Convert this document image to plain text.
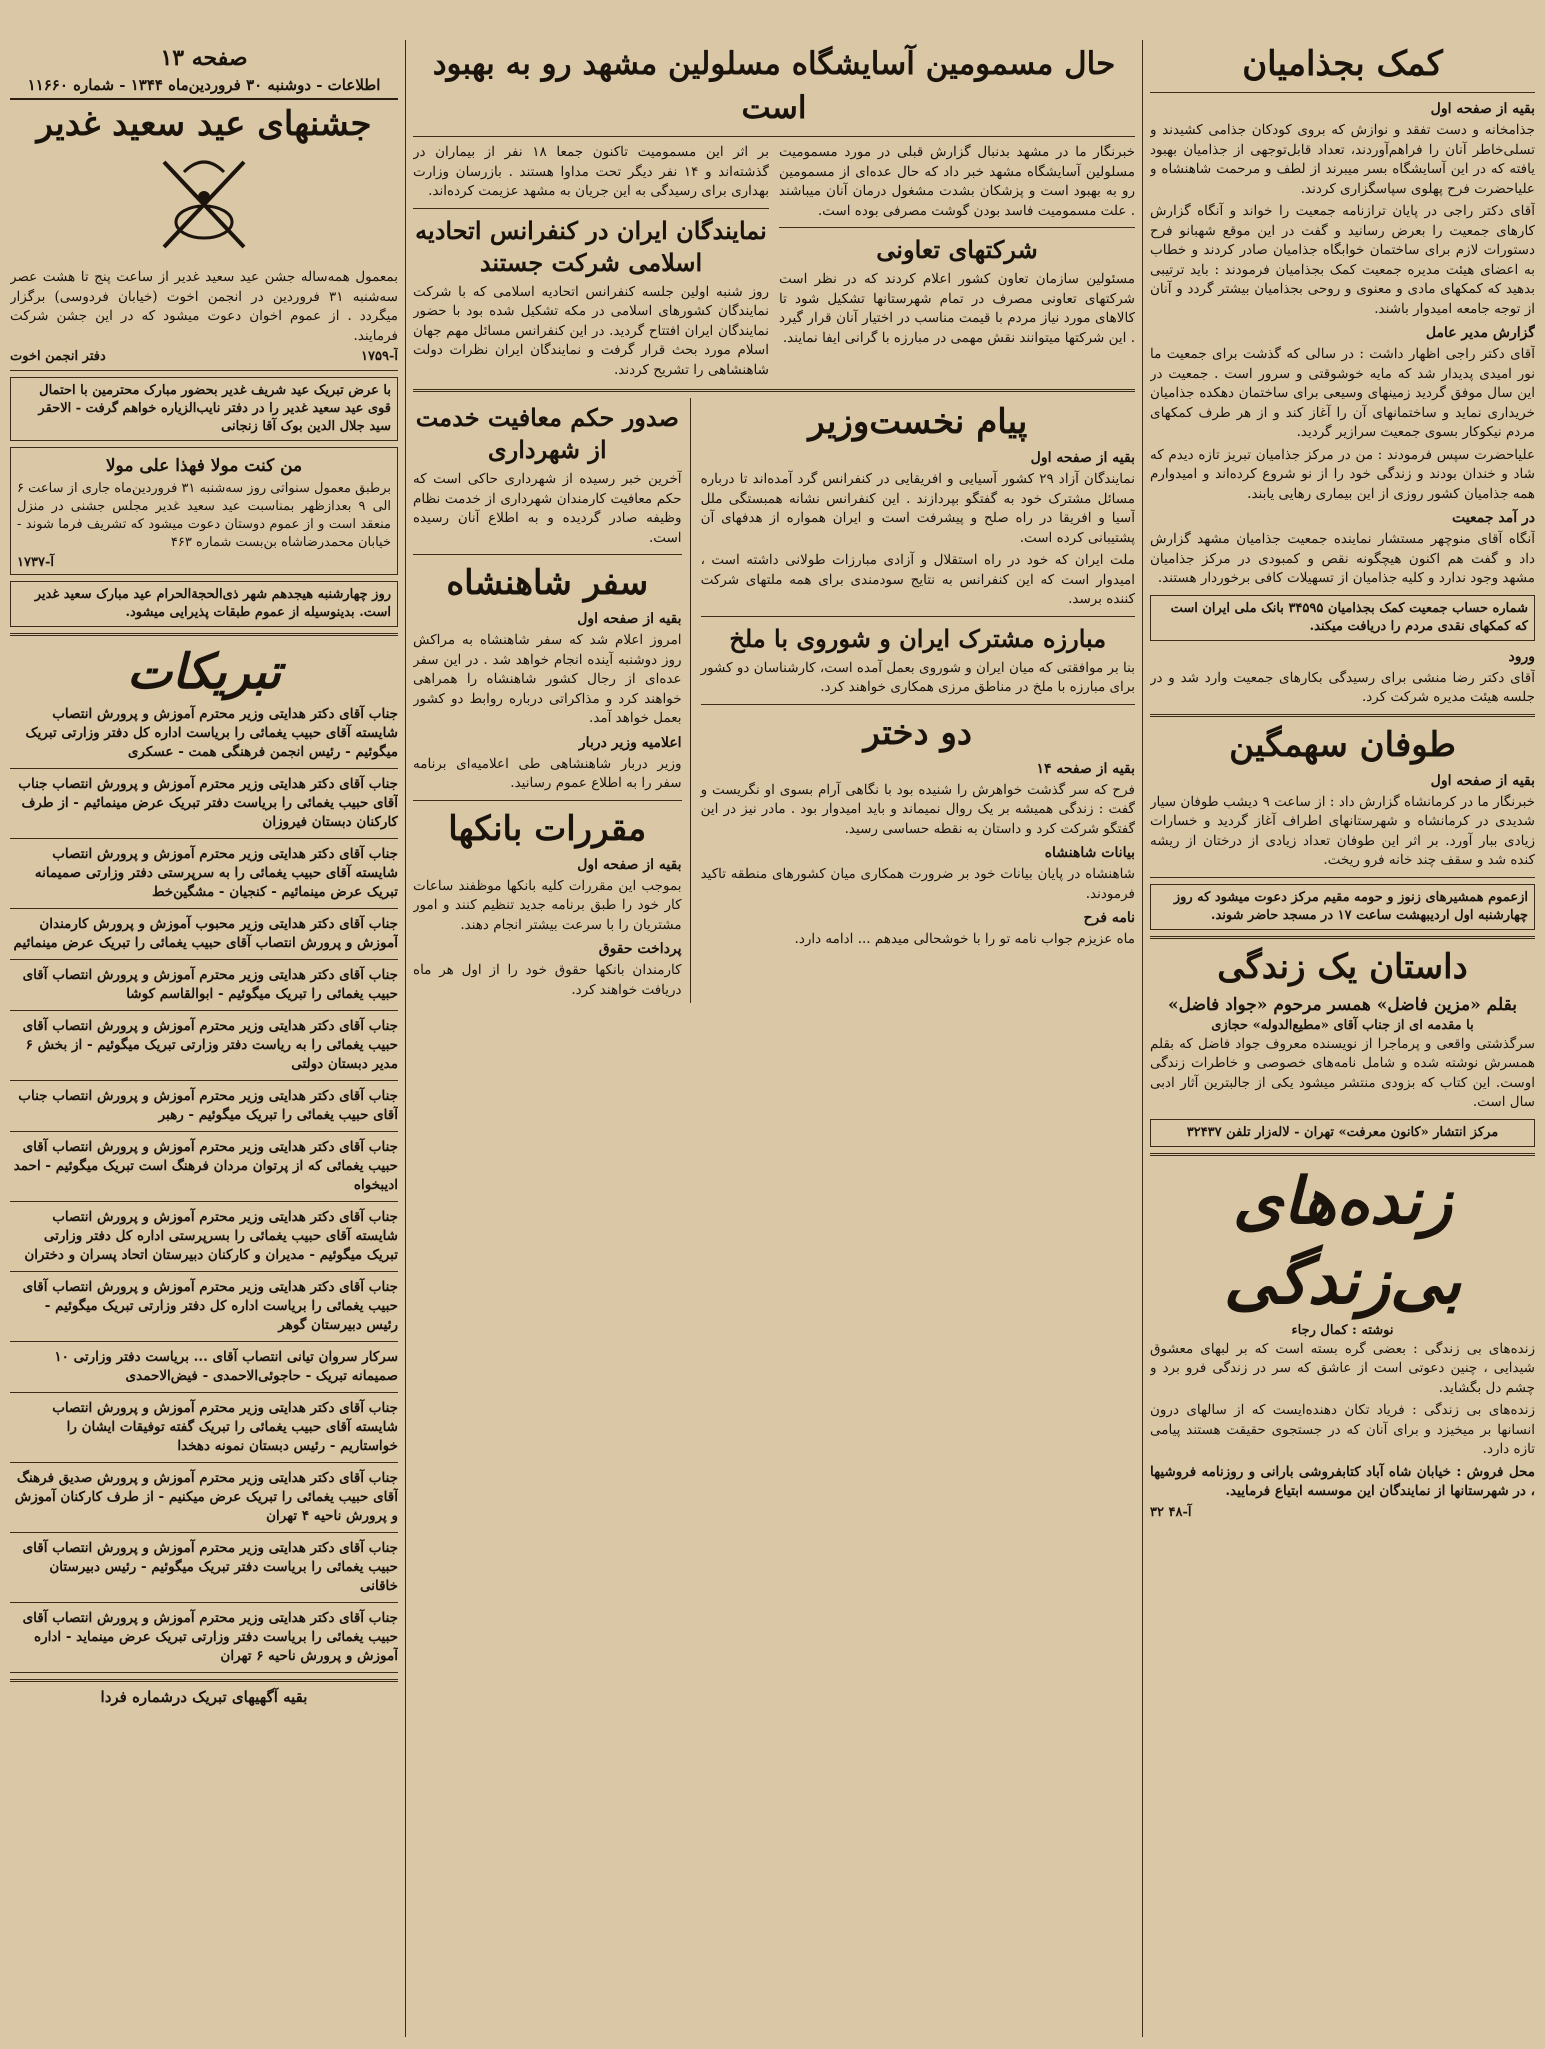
کمک بجذامیان
بقیه از صفحه اول

جذامخانه و دست تفقد و نوازش که بروی کودکان جذامی کشیدند و تسلی‌خاطر آنان را فراهم‌آوردند، تعداد قابل‌توجهی از جذامیان بهبود یافته که در این آسایشگاه بسر میبرند از لطف و مرحمت شاهنشاه و علیاحضرت فرح پهلوی سپاسگزاری کردند.

آقای دکتر راجی در پایان ترازنامه جمعیت را خواند و آنگاه گزارش کارهای جمعیت را بعرض رسانید و گفت در این موقع شهبانو فرح دستورات لازم برای ساختمان خوابگاه جذامیان صادر کردند و خطاب به اعضای هیئت مدیره جمعیت کمک بجذامیان فرمودند : باید ترتیبی بدهید که کمکهای مادی و معنوی و روحی بجذامیان بیشتر گردد و آنان از توجه جامعه امیدوار باشند.

گزارش مدیر عامل

آقای دکتر راجی اظهار داشت : در سالی که گذشت برای جمعیت ما نور امیدی پدیدار شد که مایه خوشوقتی و سرور است . جمعیت در این سال موفق گردید زمینهای وسیعی برای ساختمان دهکده جذامیان خریداری نماید و ساختمانهای آن را آغاز کند و از هر طرف کمکهای مردم نیکوکار بسوی جمعیت سرازیر گردید.

علیاحضرت سپس فرمودند : من در مرکز جذامیان تبریز تازه دیدم که شاد و خندان بودند و زندگی خود را از نو شروع کرده‌اند و امیدوارم همه جذامیان کشور روزی از این بیماری رهایی یابند.

در آمد جمعیت

آنگاه آقای منوچهر مستشار نماینده جمعیت جذامیان مشهد گزارش داد و گفت هم اکنون هیچگونه نقص و کمبودی در مرکز جذامیان مشهد وجود ندارد و کلیه جذامیان از تسهیلات کافی برخوردار هستند.

شماره حساب جمعیت کمک بجذامیان ۳۴۵۹۵ بانک ملی ایران است که کمکهای نقدی مردم را دریافت میکند.
ورود

آقای دکتر رضا منشی برای رسیدگی بکارهای جمعیت وارد شد و در جلسه هیئت مدیره شرکت کرد.

طوفان سهمگین
بقیه از صفحه اول

خبرنگار ما در کرمانشاه گزارش داد : از ساعت ۹ دیشب طوفان سیار شدیدی در کرمانشاه و شهرستانهای اطراف آغاز گردید و خسارات زیادی ببار آورد. بر اثر این طوفان تعداد زیادی از درختان از ریشه کنده شد و سقف چند خانه فرو ریخت.

ازعموم همشیرهای زنوز و حومه مقیم مرکز دعوت میشود که روز چهارشنبه اول اردیبهشت ساعت ۱۷ در مسجد حاضر شوند.
داستان یک زندگی
بقلم «مزین فاضل» همسر مرحوم «جواد فاضل»
با مقدمه ای از جناب آقای «مطیع‌الدوله» حجازی

سرگذشتی واقعی و پرماجرا از نویسنده معروف جواد فاضل که بقلم همسرش نوشته شده و شامل نامه‌های خصوصی و خاطرات زندگی اوست. این کتاب که بزودی منتشر میشود یکی از جالبترین آثار ادبی سال است.

مرکز انتشار «کانون معرفت» تهران - لاله‌زار تلفن ۳۲۴۳۷
زنده‌های بی‌زندگی
نوشته : کمال رجاء

زنده‌های بی زندگی : بعضی گره بسته است که بر لبهای معشوق شیدایی ، چنین دعوتی است از عاشق که سر در زندگی فرو برد و چشم دل بگشاید.

زنده‌های بی زندگی : فریاد تکان دهنده‌ایست که از سالهای درون انسانها بر میخیزد و برای آنان که در جستجوی حقیقت هستند پیامی تازه دارد.

محل فروش : خیابان شاه آباد کتابفروشی بارانی و روزنامه فروشیها ، در شهرستانها از نمایندگان این موسسه ابتیاع فرمایید.

آ-۴۸ ۳۲
حال مسمومین آسایشگاه مسلولین مشهد رو به بهبود است

خبرنگار ما در مشهد بدنبال گزارش قبلی در مورد مسمومیت مسلولین آسایشگاه مشهد خبر داد که حال عده‌ای از مسمومین رو به بهبود است و پزشکان بشدت مشغول درمان آنان میباشند . علت مسمومیت فاسد بودن گوشت مصرفی بوده است.

شرکتهای تعاونی

مسئولین سازمان تعاون کشور اعلام کردند که در نظر است شرکتهای تعاونی مصرف در تمام شهرستانها تشکیل شود تا کالاهای مورد نیاز مردم با قیمت مناسب در اختیار آنان قرار گیرد . این شرکتها میتوانند نقش مهمی در مبارزه با گرانی ایفا نمایند.

بر اثر این مسمومیت تاکنون جمعا ۱۸ نفر از بیماران در گذشته‌اند و ۱۴ نفر دیگر تحت مداوا هستند . بازرسان وزارت بهداری برای رسیدگی به این جریان به مشهد عزیمت کرده‌اند.

نمایندگان ایران در کنفرانس اتحادیه اسلامی شرکت جستند

روز شنبه اولین جلسه کنفرانس اتحادیه اسلامی که با شرکت نمایندگان کشورهای اسلامی در مکه تشکیل شده بود با حضور نمایندگان ایران افتتاح گردید. در این کنفرانس مسائل مهم جهان اسلام مورد بحث قرار گرفت و نمایندگان ایران نظرات دولت شاهنشاهی را تشریح کردند.

پیام نخست‌وزیر
بقیه از صفحه اول

نمایندگان آزاد ۲۹ کشور آسیایی و افریقایی در کنفرانس گرد آمده‌اند تا درباره مسائل مشترک خود به گفتگو بپردازند . این کنفرانس نشانه همبستگی ملل آسیا و افریقا در راه صلح و پیشرفت است و ایران همواره از هدفهای آن پشتیبانی کرده است.

ملت ایران که خود در راه استقلال و آزادی مبارزات طولانی داشته است ، امیدوار است که این کنفرانس به نتایج سودمندی برای همه ملتهای شرکت کننده برسد.

مبارزه مشترک ایران و شوروی با ملخ

بنا بر موافقتی که میان ایران و شوروی بعمل آمده است، کارشناسان دو کشور برای مبارزه با ملخ در مناطق مرزی همکاری خواهند کرد.

دو دختر
بقیه از صفحه ۱۴

فرح که سر گذشت خواهرش را شنیده بود با نگاهی آرام بسوی او نگریست و گفت : زندگی همیشه بر یک روال نمیماند و باید امیدوار بود . مادر نیز در این گفتگو شرکت کرد و داستان به نقطه حساسی رسید.

بیانات شاهنشاه

شاهنشاه در پایان بیانات خود بر ضرورت همکاری میان کشورهای منطقه تاکید فرمودند.

نامه فرح

ماه عزیزم جواب نامه تو را با خوشحالی میدهم ... ادامه دارد.

صدور حکم معافیت خدمت از شهرداری

آخرین خبر رسیده از شهرداری حاکی است که حکم معافیت کارمندان شهرداری از خدمت نظام وظیفه صادر گردیده و به اطلاع آنان رسیده است.

سفر شاهنشاه
بقیه از صفحه اول

امروز اعلام شد که سفر شاهنشاه به مراکش روز دوشنبه آینده انجام خواهد شد . در این سفر عده‌ای از رجال کشور شاهنشاه را همراهی خواهند کرد و مذاکراتی درباره روابط دو کشور بعمل خواهد آمد.

اعلامیه وزیر دربار

وزیر دربار شاهنشاهی طی اعلامیه‌ای برنامه سفر را به اطلاع عموم رسانید.

مقررات بانکها
بقیه از صفحه اول

بموجب این مقررات کلیه بانکها موظفند ساعات کار خود را طبق برنامه جدید تنظیم کنند و امور مشتریان را با سرعت بیشتر انجام دهند.

پرداخت حقوق

کارمندان بانکها حقوق خود را از اول هر ماه دریافت خواهند کرد.

صفحه ۱۳
اطلاعات - دوشنبه ۳۰ فروردین‌ماه ۱۳۴۴ - شماره ۱۱۶۶۰
جشنهای عید سعید غدیر

بمعمول همه‌ساله جشن عید سعید غدیر از ساعت پنج تا هشت عصر سه‌شنبه ۳۱ فروردین در انجمن اخوت (خیابان فردوسی) برگزار میگردد . از عموم اخوان دعوت میشود که در این جشن شرکت فرمایند.

آ-۱۷۵۹
دفتر انجمن اخوت
با عرض تبریک عید شریف غدیر بحضور مبارک محترمین با احتمال قوی عید سعید غدیر را در دفتر نایب‌الزیاره خواهم گرفت - الاحقر سید جلال الدین بوک آقا زنجانی
من کنت مولا فهذا علی مولا

برطبق معمول سنواتی روز سه‌شنبه ۳۱ فروردین‌ماه جاری از ساعت ۶ الی ۹ بعدازظهر بمناسبت عید سعید غدیر مجلس جشنی در منزل منعقد است و از عموم دوستان دعوت میشود که تشریف فرما شوند - خیابان محمدرضاشاه بن‌بست شماره ۴۶۳

آ-۱۷۳۷
روز چهارشنبه هیجدهم شهر ذی‌الحجة‌الحرام عید مبارک سعید غدیر است. بدینوسیله از عموم طبقات پذیرایی میشود.
تبریکات
جناب آقای دکتر هدایتی وزیر محترم آموزش و پرورش انتصاب شایسته آقای حبیب یغمائی را بریاست اداره کل دفتر وزارتی تبریک میگوئیم - رئیس انجمن فرهنگی همت - عسکری
جناب آقای دکتر هدایتی وزیر محترم آموزش و پرورش انتصاب جناب آقای حبیب یغمائی را بریاست دفتر تبریک عرض مینمائیم - از طرف کارکنان دبستان فیروزان
جناب آقای دکتر هدایتی وزیر محترم آموزش و پرورش انتصاب شایسته آقای حبیب یغمائی را به سرپرستی دفتر وزارتی صمیمانه تبریک عرض مینمائیم - کنجیان - مشگین‌خط
جناب آقای دکتر هدایتی وزیر محبوب آموزش و پرورش کارمندان آموزش و پرورش انتصاب آقای حبیب یغمائی را تبریک عرض مینمائیم
جناب آقای دکتر هدایتی وزیر محترم آموزش و پرورش انتصاب آقای حبیب یغمائی را تبریک میگوئیم - ابوالقاسم کوشا
جناب آقای دکتر هدایتی وزیر محترم آموزش و پرورش انتصاب آقای حبیب یغمائی را به ریاست دفتر وزارتی تبریک میگوئیم - از بخش ۶ مدیر دبستان دولتی
جناب آقای دکتر هدایتی وزیر محترم آموزش و پرورش انتصاب جناب آقای حبیب یغمائی را تبریک میگوئیم - رهبر
جناب آقای دکتر هدایتی وزیر محترم آموزش و پرورش انتصاب آقای حبیب یغمائی که از پرتوان مردان فرهنگ است تبریک میگوئیم - احمد ادیبخواه
جناب آقای دکتر هدایتی وزیر محترم آموزش و پرورش انتصاب شایسته آقای حبیب یغمائی را بسرپرستی اداره کل دفتر وزارتی تبریک میگوئیم - مدیران و کارکنان دبیرستان اتحاد پسران و دختران
جناب آقای دکتر هدایتی وزیر محترم آموزش و پرورش انتصاب آقای حبیب یغمائی را بریاست اداره کل دفتر وزارتی تبریک میگوئیم - رئیس دبیرستان گوهر
سرکار سروان تیانی انتصاب آقای ... بریاست دفتر وزارتی ۱۰ صمیمانه تبریک - حاجوئی‌الاحمدی - فیض‌الاحمدی
جناب آقای دکتر هدایتی وزیر محترم آموزش و پرورش انتصاب شایسته آقای حبیب یغمائی را تبریک گفته توفیقات ایشان را خواستاریم - رئیس دبستان نمونه دهخدا
جناب آقای دکتر هدایتی وزیر محترم آموزش و پرورش صدیق فرهنگ آقای حبیب یغمائی را تبریک عرض میکنیم - از طرف کارکنان آموزش و پرورش ناحیه ۴ تهران
جناب آقای دکتر هدایتی وزیر محترم آموزش و پرورش انتصاب آقای حبیب یغمائی را بریاست دفتر تبریک میگوئیم - رئیس دبیرستان خاقانی
جناب آقای دکتر هدایتی وزیر محترم آموزش و پرورش انتصاب آقای حبیب یغمائی را بریاست دفتر وزارتی تبریک عرض مینماید - اداره آموزش و پرورش ناحیه ۶ تهران
بقیه آگهیهای تبریک درشماره فردا
